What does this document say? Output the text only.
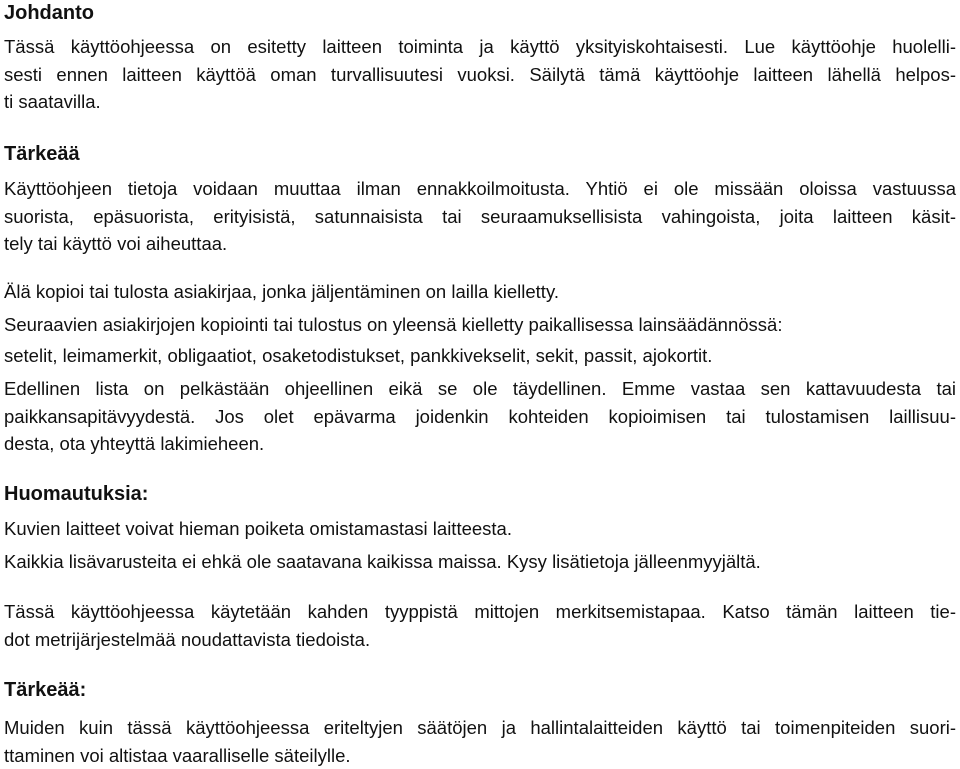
Johdanto
Tässä käyttöohjeessa on esitetty laitteen toiminta ja käyttö yksityiskohtaisesti. Lue käyttöohje huolelli-
sesti ennen laitteen käyttöä oman turvallisuutesi vuoksi. Säilytä tämä käyttöohje laitteen lähellä helpos-
ti saatavilla.
Tärkeää
Käyttöohjeen tietoja voidaan muuttaa ilman ennakkoilmoitusta. Yhtiö ei ole missään oloissa vastuussa
suorista, epäsuorista, erityisistä, satunnaisista tai seuraamuksellisista vahingoista, joita laitteen käsit-
tely tai käyttö voi aiheuttaa.

Älä kopioi tai tulosta asiakirjaa, jonka jäljentäminen on lailla kielletty.

Seuraavien asiakirjojen kopiointi tai tulostus on yleensä kielletty paikallisessa lainsäädännössä:

setelit, leimamerkit, obligaatiot, osaketodistukset, pankkivekselit, sekit, passit, ajokortit.

Edellinen lista on pelkästään ohjeellinen eikä se ole täydellinen. Emme vastaa sen kattavuudesta tai
paikkansapitävyydestä. Jos olet epävarma joidenkin kohteiden kopioimisen tai tulostamisen laillisuu-
desta, ota yhteyttä lakimieheen.
Huomautuksia:

Kuvien laitteet voivat hieman poiketa omistamastasi laitteesta.

Kaikkia lisävarusteita ei ehkä ole saatavana kaikissa maissa. Kysy lisätietoja jälleenmyyjältä.

Tässä käyttöohjeessa käytetään kahden tyyppistä mittojen merkitsemistapaa. Katso tämän laitteen tie-
dot metrijärjestelmää noudattavista tiedoista.
Tärkeää:
Muiden kuin tässä käyttöohjeessa eriteltyjen säätöjen ja hallintalaitteiden käyttö tai toimenpiteiden suori-
ttaminen voi altistaa vaaralliselle säteilylle.
